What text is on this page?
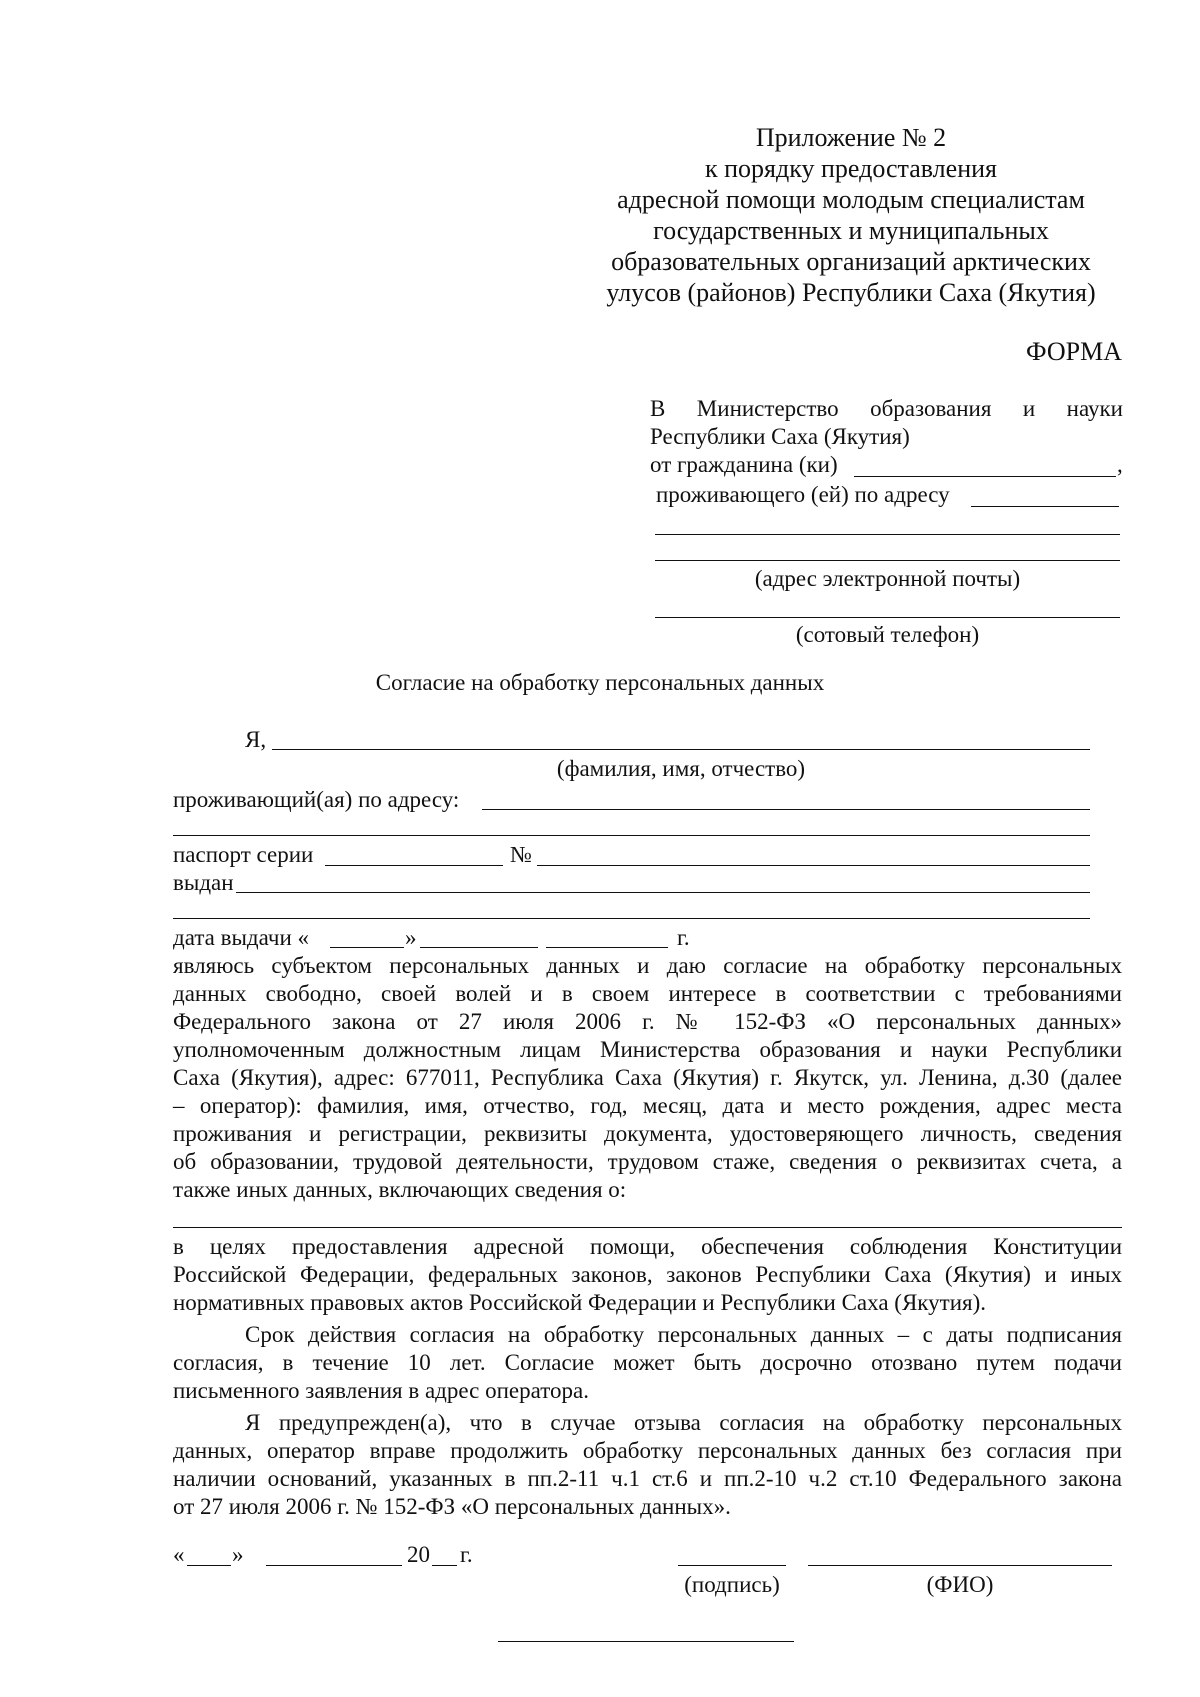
Приложение № 2
к порядку предоставления
адресной помощи молодым специалистам
государственных и муниципальных
образовательных организаций арктических
улусов (районов) Республики Саха (Якутия)
ФОРМА
В Министерство образования и науки
Республики Саха (Якутия)
от гражданина (ки)	,
проживающего (ей) по адресу
(адрес электронной почты)
(сотовый телефон)
Согласие на обработку персональных данных
Я,
(фамилия, имя, отчество)
проживающий(ая) по адресу:
паспорт серии	№
выдан
дата выдачи «	»	г.
являюсь субъектом персональных данных и даю согласие на обработку персональных
данных свободно, своей волей и в своем интересе в соответствии с требованиями
Федерального закона от 27 июля 2006 г. № 152-ФЗ «О персональных данных»
уполномоченным должностным лицам Министерства образования и науки Республики
Саха (Якутия), адрес: 677011, Республика Саха (Якутия) г. Якутск, ул. Ленина, д.30 (далее
– оператор): фамилия, имя, отчество, год, месяц, дата и место рождения, адрес места
проживания и регистрации, реквизиты документа, удостоверяющего личность, сведения
об образовании, трудовой деятельности, трудовом стаже, сведения о реквизитах счета, а
также иных данных, включающих сведения о:
в целях предоставления адресной помощи, обеспечения соблюдения Конституции
Российской Федерации, федеральных законов, законов Республики Саха (Якутия) и иных
нормативных правовых актов Российской Федерации и Республики Саха (Якутия).
Срок действия согласия на обработку персональных данных – с даты подписания
согласия, в течение 10 лет. Согласие может быть досрочно отозвано путем подачи
письменного заявления в адрес оператора.
Я предупрежден(а), что в случае отзыва согласия на обработку персональных
данных, оператор вправе продолжить обработку персональных данных без согласия при
наличии оснований, указанных в пп.2-11 ч.1 ст.6 и пп.2-10 ч.2 ст.10 Федерального закона
от 27 июля 2006 г. № 152-ФЗ «О персональных данных».
« »	20 г.
(подпись)	(ФИО)
